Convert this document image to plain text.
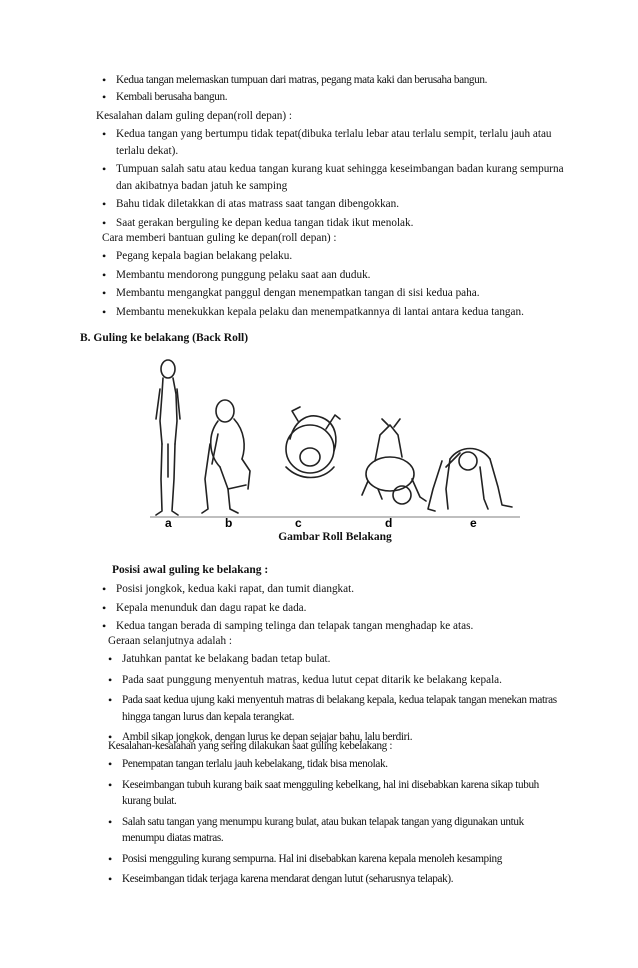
• Kedua tangan melemaskan tumpuan dari matras, pegang mata kaki dan berusaha bangun.
• Kembali berusaha bangun.
Kesalahan dalam guling depan(roll depan) :
• Kedua tangan yang bertumpu tidak tepat(dibuka terlalu lebar atau terlalu sempit, terlalu jauh atau terlalu dekat).
• Tumpuan salah satu atau kedua tangan kurang kuat sehingga keseimbangan badan kurang sempurna dan akibatnya badan jatuh ke samping
• Bahu tidak diletakkan di atas matrass saat tangan dibengokkan.
• Saat gerakan berguling ke depan kedua tangan tidak ikut menolak.
Cara memberi bantuan guling ke depan(roll depan) :
• Pegang kepala bagian belakang pelaku.
• Membantu mendorong punggung pelaku saat aan duduk.
• Membantu mengangkat panggul dengan menempatkan tangan di sisi kedua paha.
• Membantu menekukkan kepala pelaku dan menempatkannya di lantai antara kedua tangan.
B. Guling ke belakang (Back Roll)
a	b	c	d	e
Gambar Roll Belakang
Posisi awal guling ke belakang :
• Posisi jongkok, kedua kaki rapat, dan tumit diangkat.
• Kepala menunduk dan dagu rapat ke dada.
• Kedua tangan berada di samping telinga dan telapak tangan menghadap ke atas.
Geraan selanjutnya adalah :
• Jatuhkan pantat ke belakang badan tetap bulat.
• Pada saat punggung menyentuh matras, kedua lutut cepat ditarik ke belakang kepala.
• Pada saat kedua ujung kaki menyentuh matras di belakang kepala, kedua telapak tangan menekan matras hingga tangan lurus dan kepala terangkat.
• Ambil sikap jongkok, dengan lurus ke depan sejajar bahu, lalu berdiri.
Kesalahan-kesalahan yang sering dilakukan saat guling kebelakang :
• Penempatan tangan terlalu jauh kebelakang, tidak bisa menolak.
• Keseimbangan tubuh kurang baik saat mengguling kebelkang, hal ini disebabkan karena sikap tubuh kurang bulat.
• Salah satu tangan yang menumpu kurang bulat, atau bukan telapak tangan yang digunakan untuk menumpu diatas matras.
• Posisi mengguling kurang sempurna. Hal ini disebabkan karena kepala menoleh kesamping
• Keseimbangan tidak terjaga karena mendarat dengan lutut (seharusnya telapak).
